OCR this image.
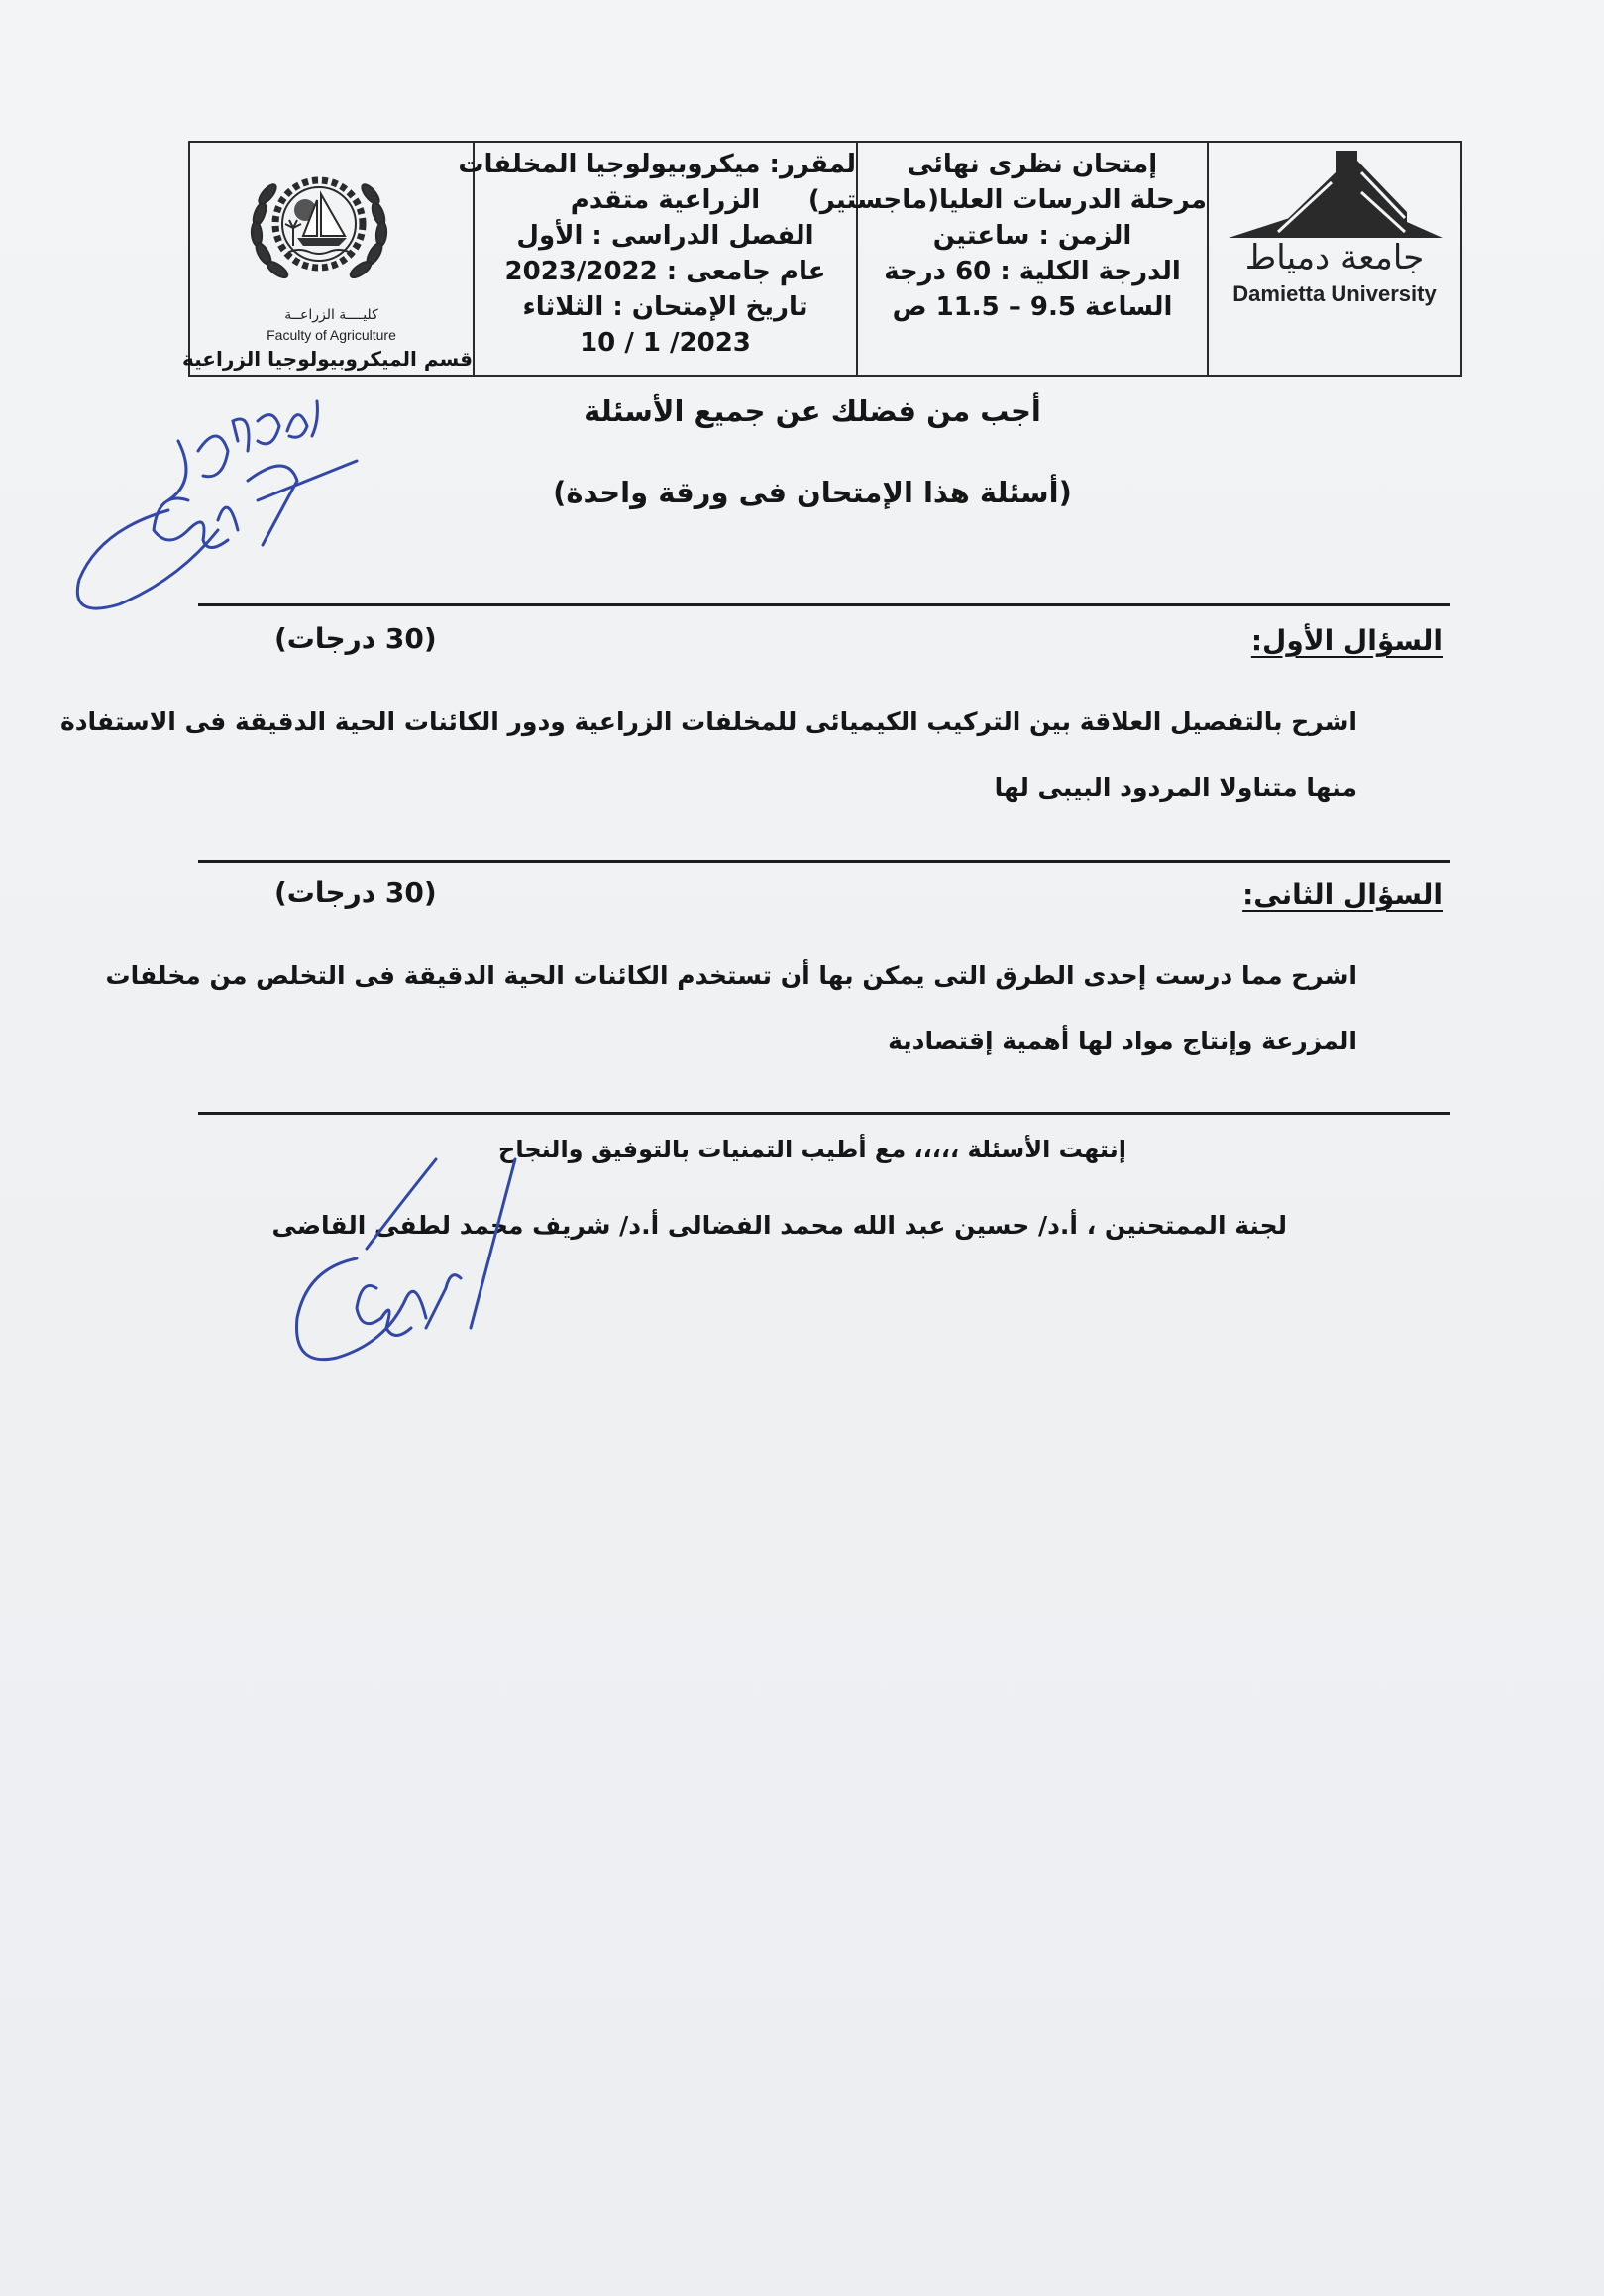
كليــــة الزراعــة
Faculty of Agriculture
قسم الميكروبيولوجيا الزراعية
لمقرر: ميكروبيولوجيا المخلفات
الزراعية متقدم
الفصل الدراسى : الأول
عام جامعى : 2023/2022
تاريخ الإمتحان : الثلاثاء
2023/ 1 / 10
إمتحان نظرى نهائى
مرحلة الدرسات العليا(ماجستير)
الزمن : ساعتين
الدرجة الكلية : 60 درجة
الساعة 9.5 – 11.5 ص
جامعة دمياط
Damietta University
أجب من فضلك عن جميع الأسئلة
(أسئلة هذا الإمتحان فى ورقة واحدة)
السؤال الأول:
(30 درجات)
اشرح بالتفصيل العلاقة بين التركيب الكيميائى للمخلفات الزراعية ودور الكائنات الحية الدقيقة فى الاستفادة
منها متناولا المردود البيبى لها
السؤال الثانى:
(30 درجات)
اشرح مما درست إحدى الطرق التى يمكن بها أن تستخدم الكائنات الحية الدقيقة فى التخلص من مخلفات
المزرعة وإنتاج مواد لها أهمية إقتصادية
إنتهت الأسئلة ،،،،، مع أطيب التمنيات بالتوفيق والنجاح
لجنة الممتحنين ، أ.د/ حسين عبد الله محمد الفضالى أ.د/ شريف محمد لطفى القاضى
